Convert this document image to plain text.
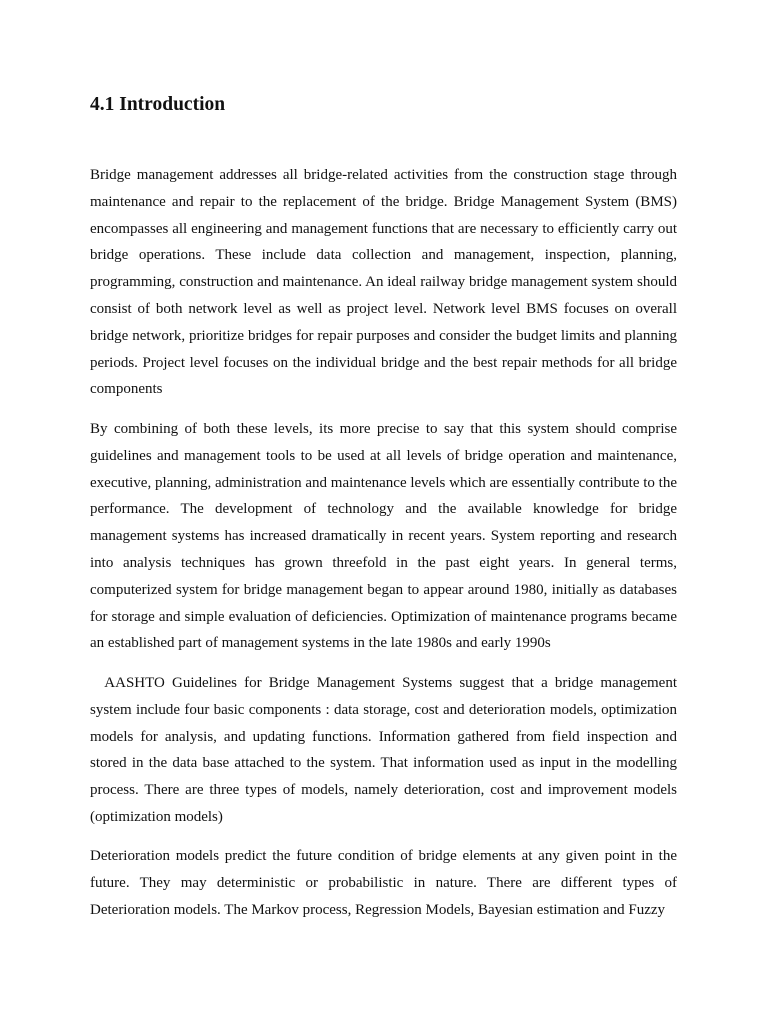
4.1 Introduction

Bridge management addresses all bridge-related activities from the construction stage through maintenance and repair to the replacement of the bridge. Bridge Management System (BMS) encompasses all engineering and management functions that are necessary to efficiently carry out bridge operations. These include data collection and management, inspection, planning, programming, construction and maintenance. An ideal railway bridge management system should consist of both network level as well as project level. Network level BMS focuses on overall bridge network, prioritize bridges for repair purposes and consider the budget limits and planning periods. Project level focuses on the individual bridge and the best repair methods for all bridge components

By combining of both these levels, its more precise to say that this system should comprise guidelines and management tools to be used at all levels of bridge operation and maintenance, executive, planning, administration and maintenance levels which are essentially contribute to the performance. The development of technology and the available knowledge for bridge management systems has increased dramatically in recent years. System reporting and research into analysis techniques has grown threefold in the past eight years. In general terms, computerized system for bridge management began to appear around 1980, initially as databases for storage and simple evaluation of deficiencies. Optimization of maintenance programs became an established part of management systems in the late 1980s and early 1990s

AASHTO Guidelines for Bridge Management Systems suggest that a bridge management system include four basic components : data storage, cost and deterioration models, optimization models for analysis, and updating functions. Information gathered from field inspection and stored in the data base attached to the system. That information used as input in the modelling process. There are three types of models, namely deterioration, cost and improvement models (optimization models)

Deterioration models predict the future condition of bridge elements at any given point in the future. They may deterministic or probabilistic in nature. There are different types of Deterioration models. The Markov process, Regression Models, Bayesian estimation and Fuzzy
